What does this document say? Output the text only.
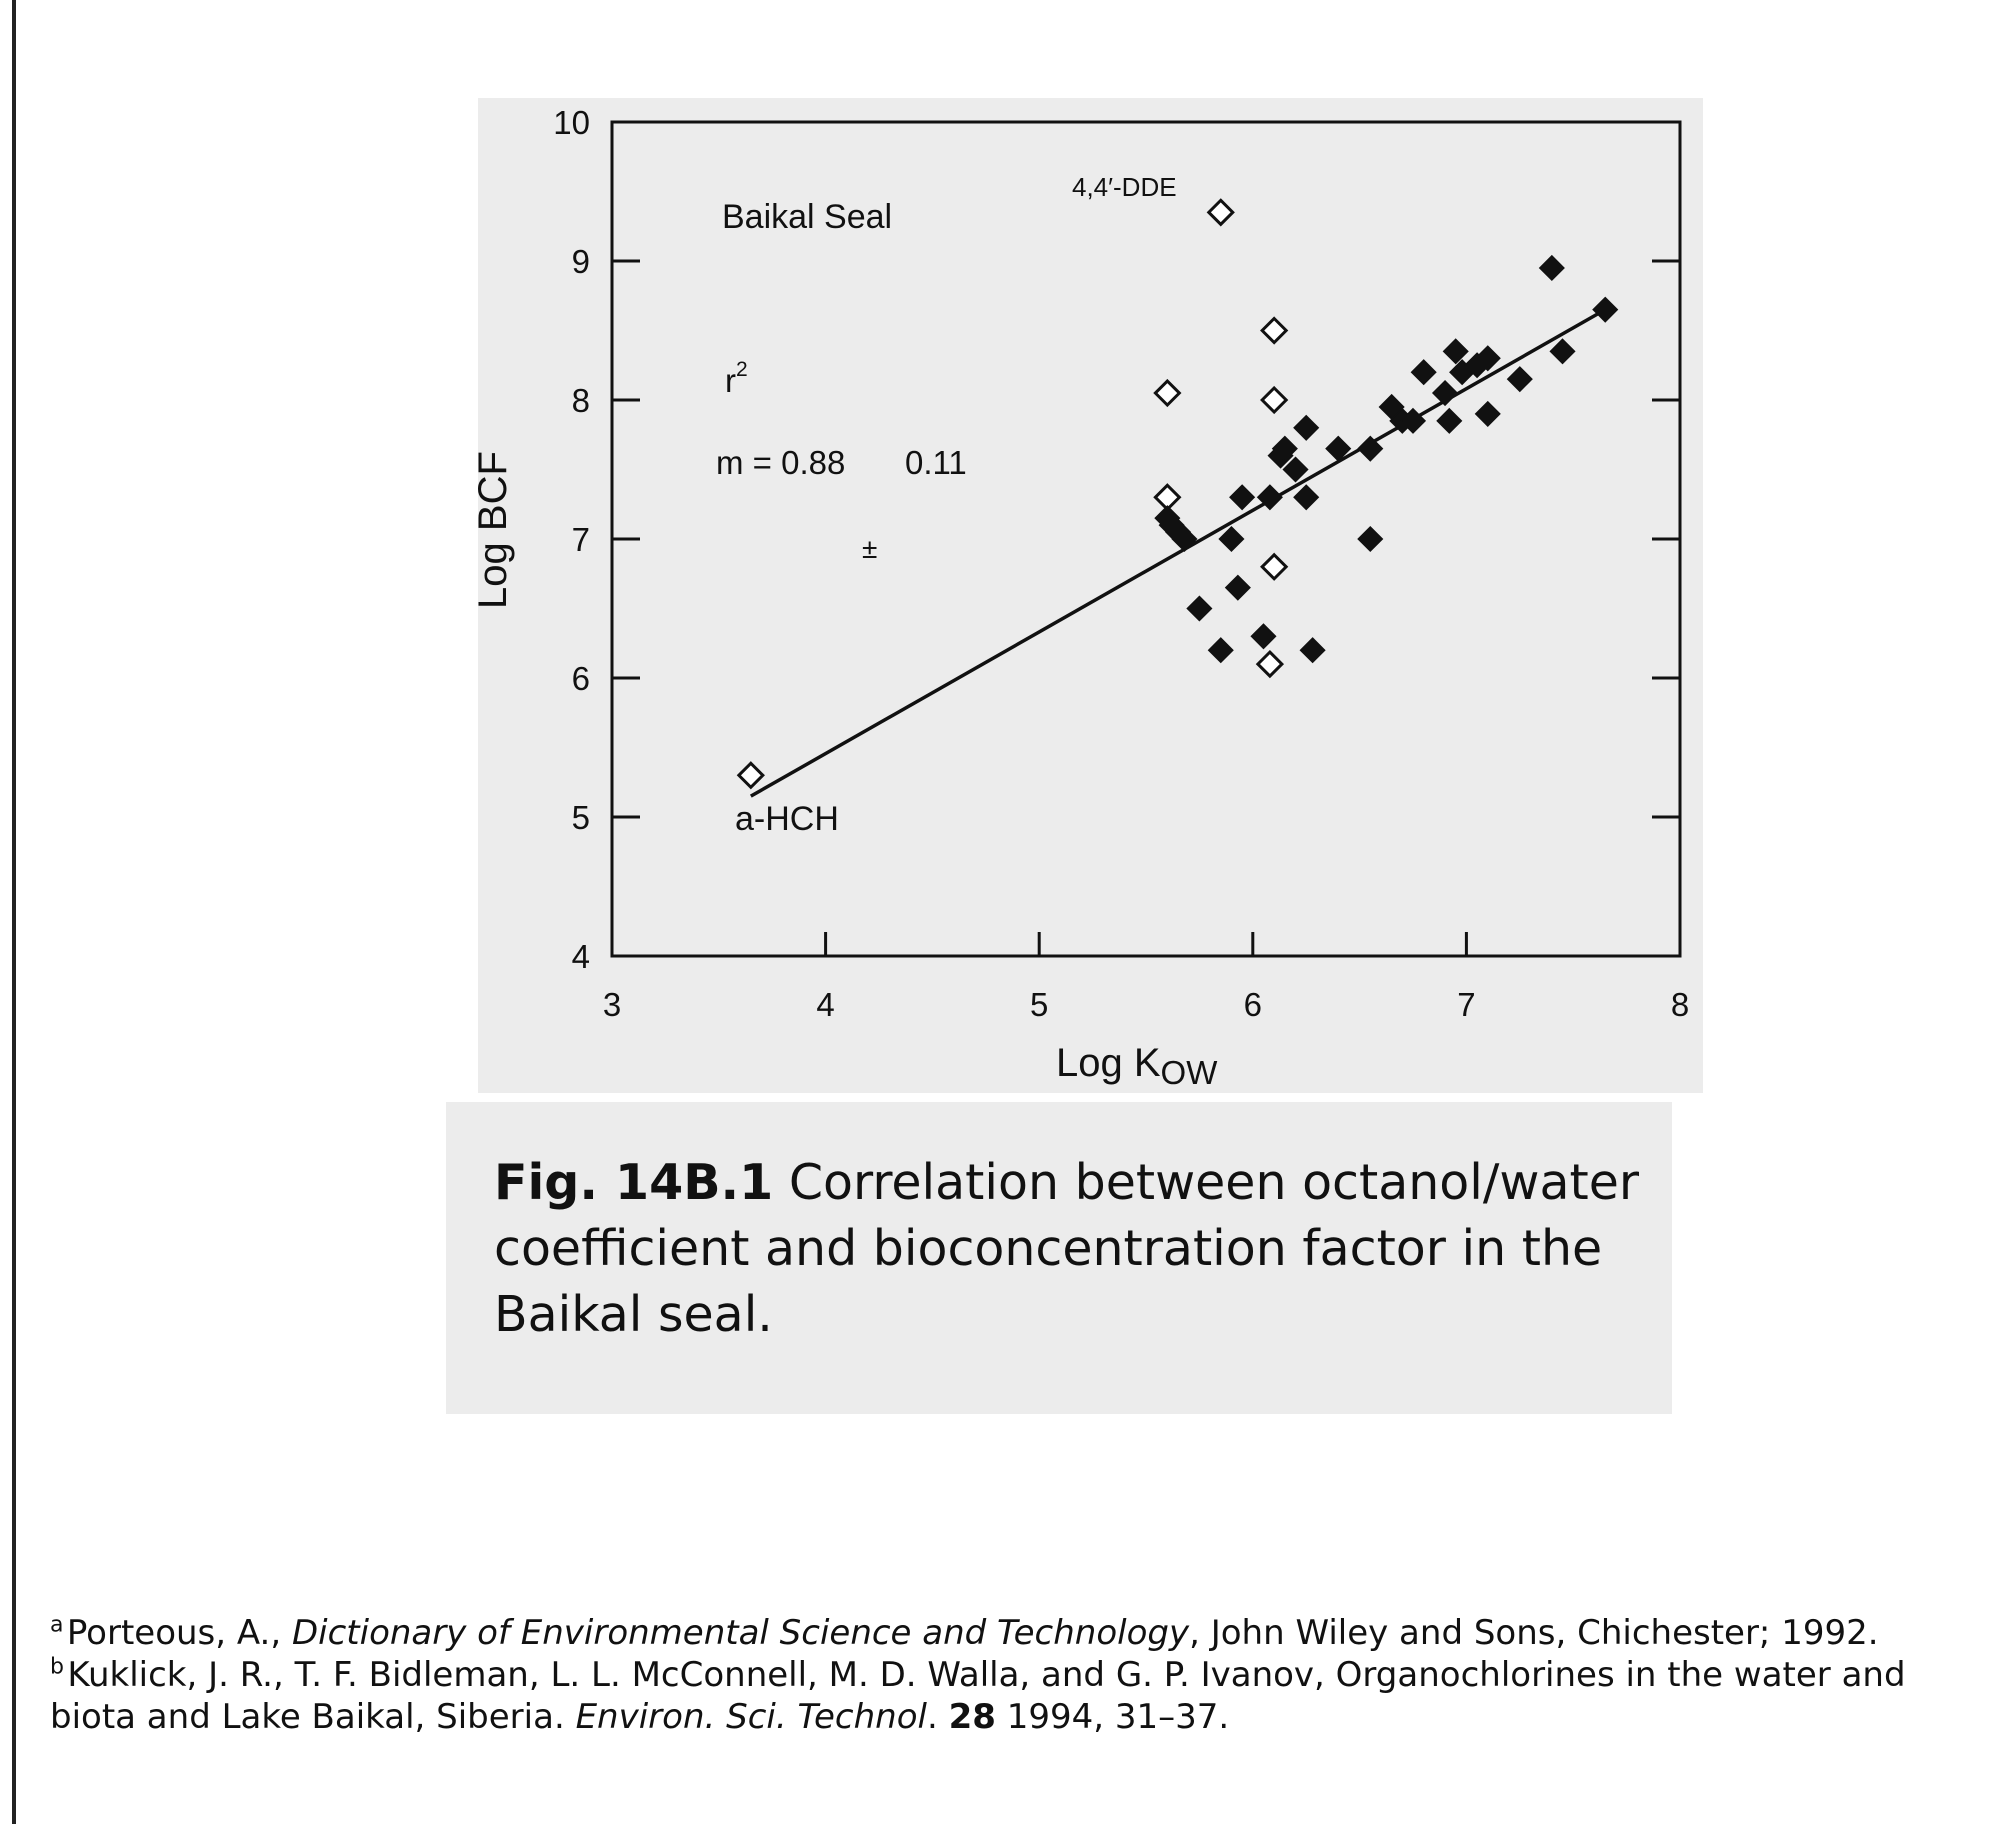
3	4	5	6	7	8
4
5
6
7
8
9
10
Baikal Seal
$r^2$
m = 0.88 0.11
±
4,4′-DDE
a-HCH
Log $K_{OW}$
Log BCF
Fig. 14B.1 Correlation between octanol/water coefficient and bioconcentration factor in the Baikal seal.
$^a$ Porteous, A., Dictionary of Environmental Science and Technology, John Wiley and Sons, Chichester; 1992.
$^b$ Kuklick, J. R., T. F. Bidleman, L. L. McConnell, M. D. Walla, and G. P. Ivanov, Organochlorines in the water and biota and Lake Baikal, Siberia. Environ. Sci. Technol. 28 1994, 31–37.
